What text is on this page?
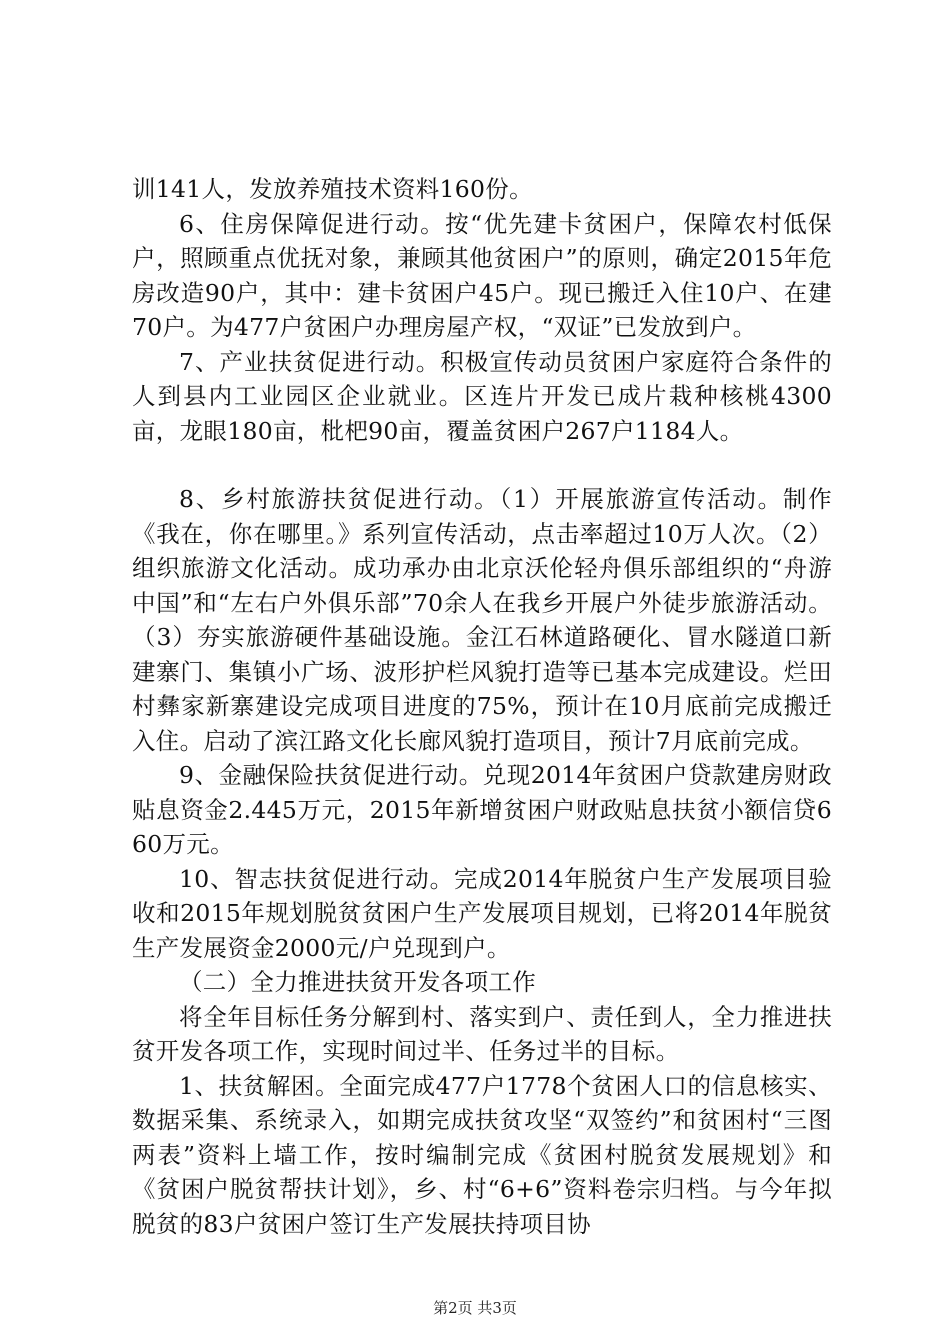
训141人，发放养殖技术资料160份。

6、住房保障促进行动。按“优先建卡贫困户，保障农村低保户，照顾重点优抚对象，兼顾其他贫困户”的原则，确定2015年危房改造90户，其中：建卡贫困户45户。现已搬迁入住10户、在建70户。为477户贫困户办理房屋产权，“双证”已发放到户。

7、产业扶贫促进行动。积极宣传动员贫困户家庭符合条件的人到县内工业园区企业就业。区连片开发已成片栽种核桃4300亩，龙眼180亩，枇杷90亩，覆盖贫困户267户1184人。

8、乡村旅游扶贫促进行动。（1）开展旅游宣传活动。制作《我在，你在哪里。》系列宣传活动，点击率超过10万人次。（2）组织旅游文化活动。成功承办由北京沃伦轻舟俱乐部组织的“舟游中国”和“左右户外俱乐部”70余人在我乡开展户外徒步旅游活动。（3）夯实旅游硬件基础设施。金江石林道路硬化、冒水隧道口新建寨门、集镇小广场、波形护栏风貌打造等已基本完成建设。烂田村彝家新寨建设完成项目进度的75%，预计在10月底前完成搬迁入住。启动了滨江路文化长廊风貌打造项目，预计7月底前完成。

9、金融保险扶贫促进行动。兑现2014年贫困户贷款建房财政贴息资金2.445万元，2015年新增贫困户财政贴息扶贫小额信贷660万元。

10、智志扶贫促进行动。完成2014年脱贫户生产发展项目验收和2015年规划脱贫贫困户生产发展项目规划，已将2014年脱贫生产发展资金2000元/户兑现到户。

（二）全力推进扶贫开发各项工作

将全年目标任务分解到村、落实到户、责任到人，全力推进扶贫开发各项工作，实现时间过半、任务过半的目标。

1、扶贫解困。全面完成477户1778个贫困人口的信息核实、数据采集、系统录入，如期完成扶贫攻坚“双签约”和贫困村“三图两表”资料上墙工作，按时编制完成《贫困村脱贫发展规划》和《贫困户脱贫帮扶计划》，乡、村“6+6”资料卷宗归档。与今年拟脱贫的83户贫困户签订生产发展扶持项目协

第2页 共3页
